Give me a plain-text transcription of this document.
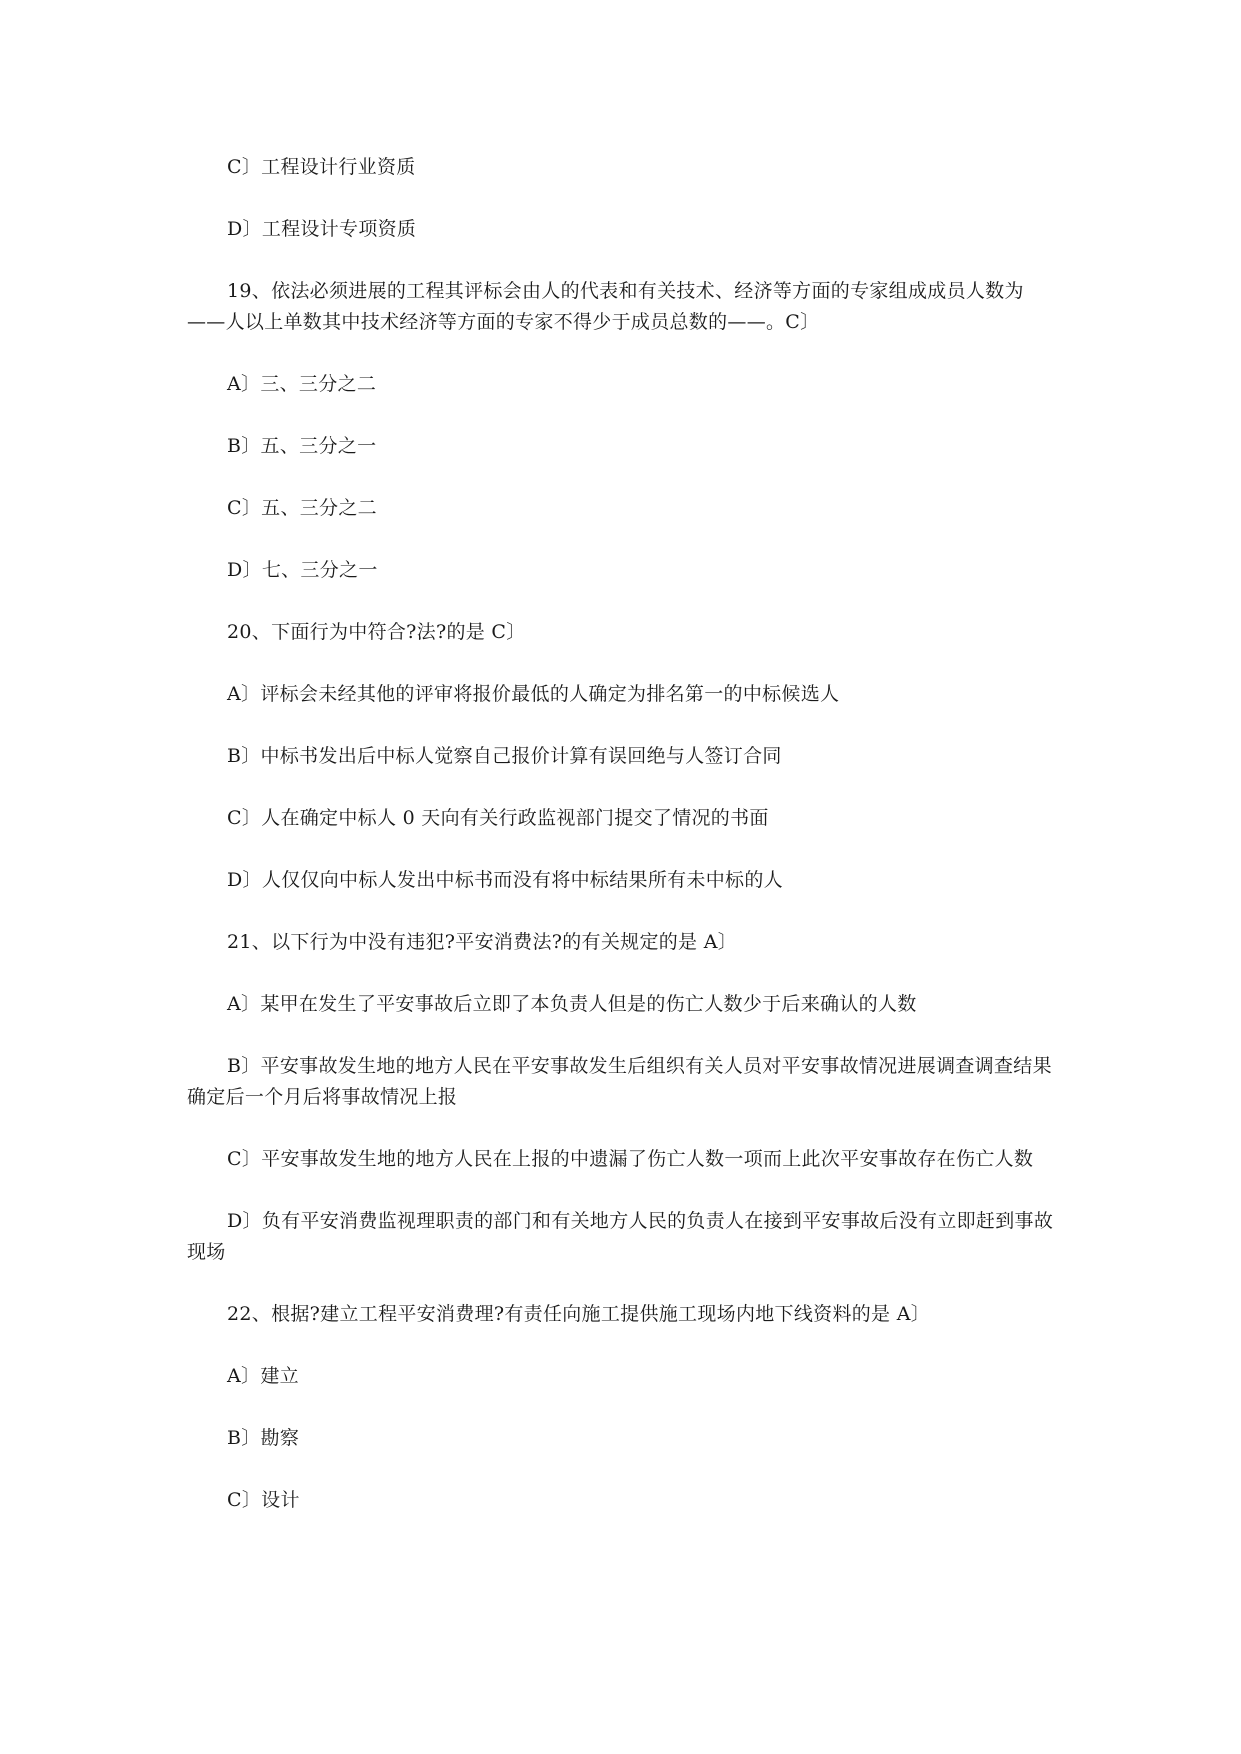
C〕工程设计行业资质

D〕工程设计专项资质

19、依法必须进展的工程其评标会由人的代表和有关技术、经济等方面的专家组成成员人数为——人以上单数其中技术经济等方面的专家不得少于成员总数的——。C〕

A〕三、三分之二

B〕五、三分之一

C〕五、三分之二

D〕七、三分之一

20、下面行为中符合?法?的是 C〕

A〕评标会未经其他的评审将报价最低的人确定为排名第一的中标候选人

B〕中标书发出后中标人觉察自己报价计算有误回绝与人签订合同

C〕人在确定中标人 0 天向有关行政监视部门提交了情况的书面

D〕人仅仅向中标人发出中标书而没有将中标结果所有未中标的人

21、以下行为中没有违犯?平安消费法?的有关规定的是 A〕

A〕某甲在发生了平安事故后立即了本负责人但是的伤亡人数少于后来确认的人数

B〕平安事故发生地的地方人民在平安事故发生后组织有关人员对平安事故情况进展调查调查结果确定后一个月后将事故情况上报

C〕平安事故发生地的地方人民在上报的中遗漏了伤亡人数一项而上此次平安事故存在伤亡人数

D〕负有平安消费监视理职责的部门和有关地方人民的负责人在接到平安事故后没有立即赶到事故现场

22、根据?建立工程平安消费理?有责任向施工提供施工现场内地下线资料的是 A〕

A〕建立

B〕勘察

C〕设计
